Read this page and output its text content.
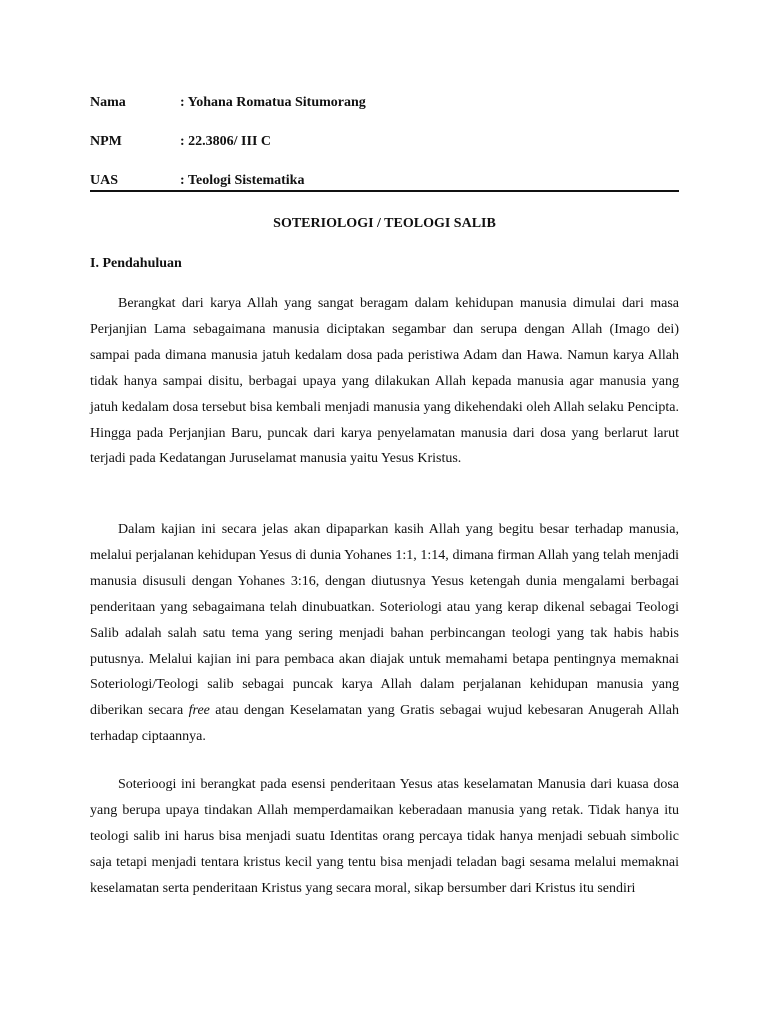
Nama	: Yohana Romatua Situmorang
NPM	: 22.3806/ III C
UAS	: Teologi Sistematika
SOTERIOLOGI / TEOLOGI SALIB
I. Pendahuluan

Berangkat dari karya Allah yang sangat beragam dalam kehidupan manusia dimulai dari masa Perjanjian Lama sebagaimana manusia diciptakan segambar dan serupa dengan Allah (Imago dei) sampai pada dimana manusia jatuh kedalam dosa pada peristiwa Adam dan Hawa. Namun karya Allah tidak hanya sampai disitu, berbagai upaya yang dilakukan Allah kepada manusia agar manusia yang jatuh kedalam dosa tersebut bisa kembali menjadi manusia yang dikehendaki oleh Allah selaku Pencipta. Hingga pada Perjanjian Baru, puncak dari karya penyelamatan manusia dari dosa yang berlarut larut terjadi pada Kedatangan Juruselamat manusia yaitu Yesus Kristus.

Dalam kajian ini secara jelas akan dipaparkan kasih Allah yang begitu besar terhadap manusia, melalui perjalanan kehidupan Yesus di dunia Yohanes 1:1, 1:14, dimana firman Allah yang telah menjadi manusia disusuli dengan Yohanes 3:16, dengan diutusnya Yesus ketengah dunia mengalami berbagai penderitaan yang sebagaimana telah dinubuatkan. Soteriologi atau yang kerap dikenal sebagai Teologi Salib adalah salah satu tema yang sering menjadi bahan perbincangan teologi yang tak habis habis putusnya. Melalui kajian ini para pembaca akan diajak untuk memahami betapa pentingnya memaknai Soteriologi/Teologi salib sebagai puncak karya Allah dalam perjalanan kehidupan manusia yang diberikan secara free atau dengan Keselamatan yang Gratis sebagai wujud kebesaran Anugerah Allah terhadap ciptaannya.

Soterioogi ini berangkat pada esensi penderitaan Yesus atas keselamatan Manusia dari kuasa dosa yang berupa upaya tindakan Allah memperdamaikan keberadaan manusia yang retak. Tidak hanya itu teologi salib ini harus bisa menjadi suatu Identitas orang percaya tidak hanya menjadi sebuah simbolic saja tetapi menjadi tentara kristus kecil yang tentu bisa menjadi teladan bagi sesama melalui memaknai keselamatan serta penderitaan Kristus yang secara moral, sikap bersumber dari Kristus itu sendiri
